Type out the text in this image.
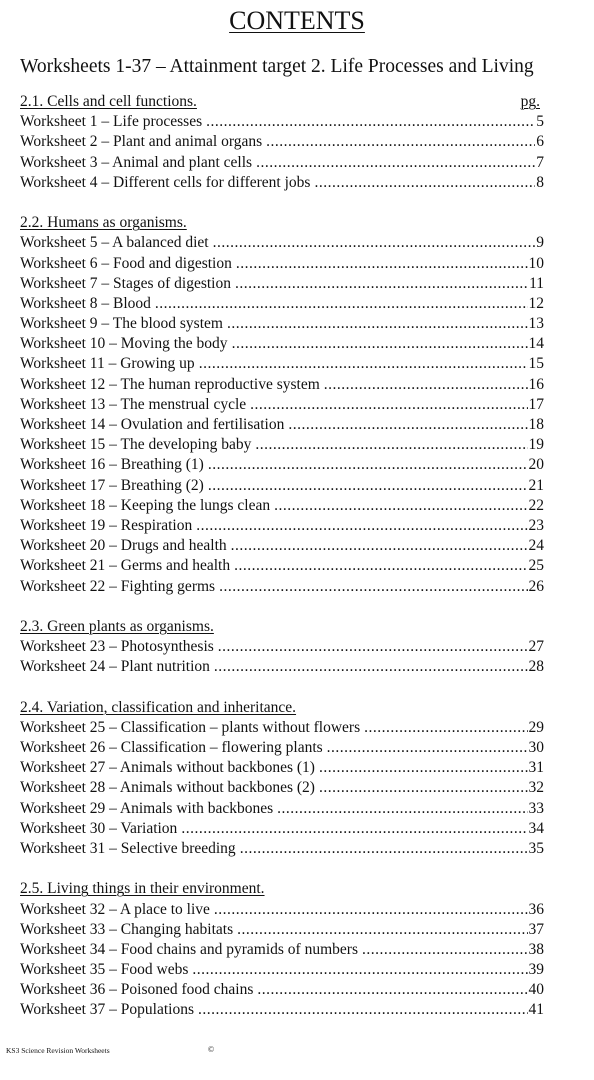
CONTENTS
Worksheets 1-37 – Attainment target 2. Life Processes and Living
2.1. Cells and cell functions.	pg.
Worksheet 1 – Life processes .....	5
Worksheet 2 – Plant and animal organs .....	6
Worksheet 3 – Animal and plant cells .....	7
Worksheet 4 – Different cells for different jobs .....	8
2.2. Humans as organisms.
Worksheet 5 – A balanced diet .....	9
Worksheet 6 – Food and digestion .....	10
Worksheet 7 – Stages of digestion .....	11
Worksheet 8 – Blood .....	12
Worksheet 9 – The blood system .....	13
Worksheet 10 – Moving the body .....	14
Worksheet 11 – Growing up .....	15
Worksheet 12 – The human reproductive system .....	16
Worksheet 13 – The menstrual cycle .....	17
Worksheet 14 – Ovulation and fertilisation .....	18
Worksheet 15 – The developing baby .....	19
Worksheet 16 – Breathing (1) .....	20
Worksheet 17 – Breathing (2) .....	21
Worksheet 18 – Keeping the lungs clean .....	22
Worksheet 19 – Respiration .....	23
Worksheet 20 – Drugs and health .....	24
Worksheet 21 – Germs and health .....	25
Worksheet 22 – Fighting germs .....	26
2.3. Green plants as organisms.
Worksheet 23 – Photosynthesis .....	27
Worksheet 24 – Plant nutrition .....	28
2.4. Variation, classification and inheritance.
Worksheet 25 – Classification – plants without flowers .....	29
Worksheet 26 – Classification – flowering plants .....	30
Worksheet 27 – Animals without backbones (1) .....	31
Worksheet 28 – Animals without backbones (2) .....	32
Worksheet 29 – Animals with backbones .....	33
Worksheet 30 – Variation .....	34
Worksheet 31 – Selective breeding .....	35
2.5. Living things in their environment.
Worksheet 32 – A place to live .....	36
Worksheet 33 – Changing habitats .....	37
Worksheet 34 – Food chains and pyramids of numbers .....	38
Worksheet 35 – Food webs .....	39
Worksheet 36 – Poisoned food chains .....	40
Worksheet 37 – Populations .....	41
KS3 Science Revision Worksheets	©
